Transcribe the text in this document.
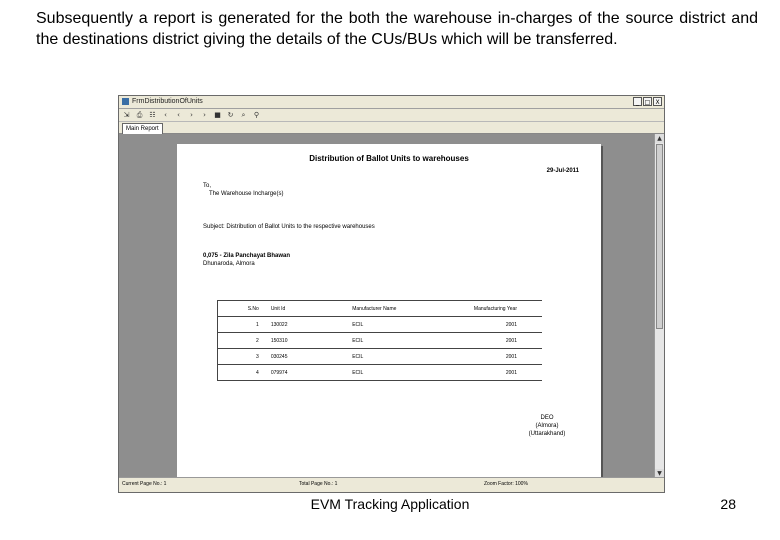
Subsequently a report is generated for the both the warehouse in-charges of the source district and the destinations district giving the details of the CUs/BUs which will be transferred.
FrmDistributionOfUnits	_ □ X
⇲ ⎙ ☷	‹	‹	›	›	■ ↻	⌕	⚲
Main Report
Distribution of Ballot Units to warehouses
29-Jul-2011
To,
The Warehouse Incharge(s)
Subject: Distribution of Ballot Units to the respective warehouses
0,075 - Zila Panchayat Bhawan
Dhunaroda, Almora
S.No	Unit Id	Manufacturer Name	Manufacturing Year
1	130022	ECIL	2001
2	150310	ECIL	2001
3	030245	ECIL	2001
4	079974	ECIL	2001
DEO
(Almora)
(Uttarakhand)
▲
▼
Current Page No.: 1	Total Page No.: 1	Zoom Factor: 100%
EVM Tracking Application	28
